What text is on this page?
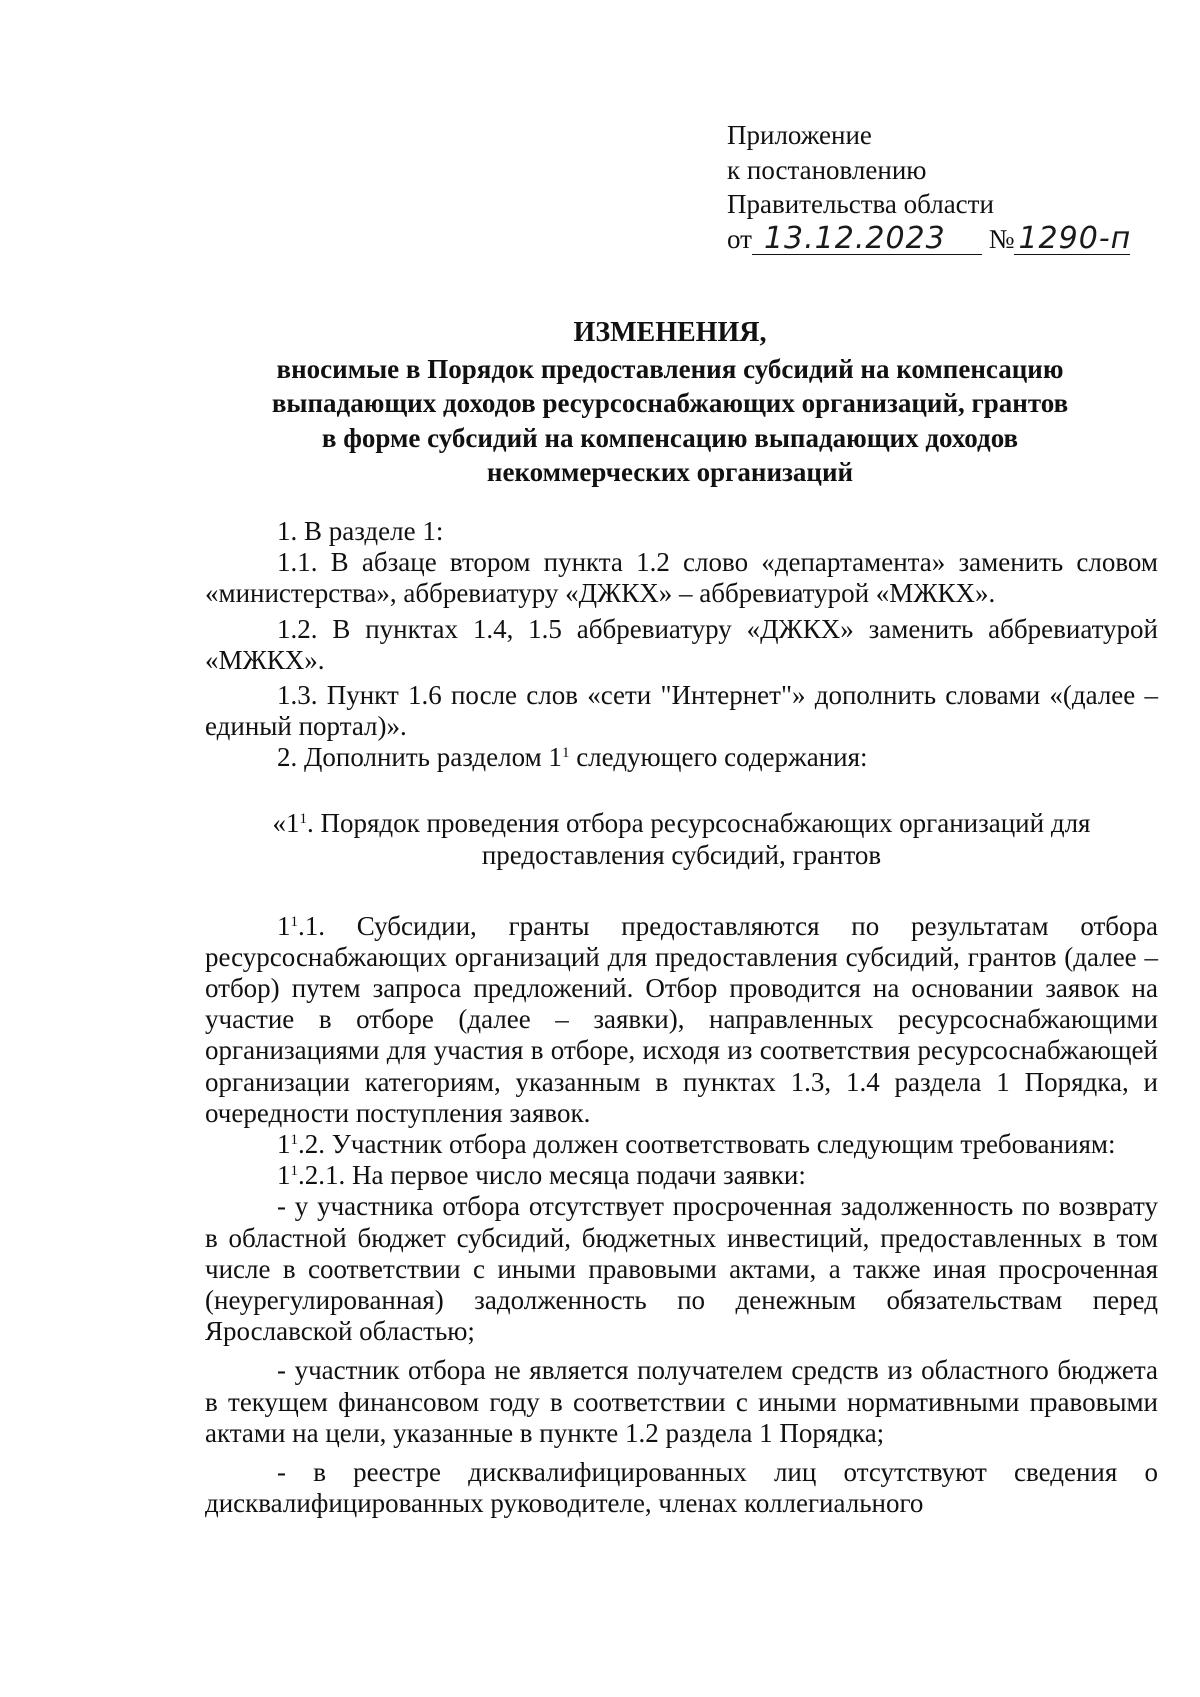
Приложение
к постановлению
Правительства области
от 13.12.2023 № 1290-п
ИЗМЕНЕНИЯ,
вносимые в Порядок предоставления субсидий на компенсацию
выпадающих доходов ресурсоснабжающих организаций, грантов
в форме субсидий на компенсацию выпадающих доходов
некоммерческих организаций

1. В разделе 1:

1.1. В абзаце втором пункта 1.2 слово «департамента» заменить словом «министерства», аббревиатуру «ДЖКХ» – аббревиатурой «МЖКХ».

1.2. В пунктах 1.4, 1.5 аббревиатуру «ДЖКХ» заменить аббревиатурой «МЖКХ».

1.3. Пункт 1.6 после слов «сети "Интернет"» дополнить словами «(далее – единый портал)».

2. Дополнить разделом $1^1$ следующего содержания:

«$1^1$. Порядок проведения отбора ресурсоснабжающих организаций для
предоставления субсидий, грантов

$1^1.1$. Субсидии, гранты предоставляются по результатам отбора ресурсоснабжающих организаций для предоставления субсидий, грантов (далее – отбор) путем запроса предложений. Отбор проводится на основании заявок на участие в отборе (далее – заявки), направленных ресурсоснабжающими организациями для участия в отборе, исходя из соответствия ресурсоснабжающей организации категориям, указанным в пунктах 1.3, 1.4 раздела 1 Порядка, и очередности поступления заявок.

$1^1.2$. Участник отбора должен соответствовать следующим требованиям:

$1^1.2.1$. На первое число месяца подачи заявки:

- у участника отбора отсутствует просроченная задолженность по возврату в областной бюджет субсидий, бюджетных инвестиций, предоставленных в том числе в соответствии с иными правовыми актами, а также иная просроченная (неурегулированная) задолженность по денежным обязательствам перед Ярославской областью;

- участник отбора не является получателем средств из областного бюджета в текущем финансовом году в соответствии с иными нормативными правовыми актами на цели, указанные в пункте 1.2 раздела 1 Порядка;

- в реестре дисквалифицированных лиц отсутствуют сведения о дисквалифицированных руководителе, членах коллегиального
